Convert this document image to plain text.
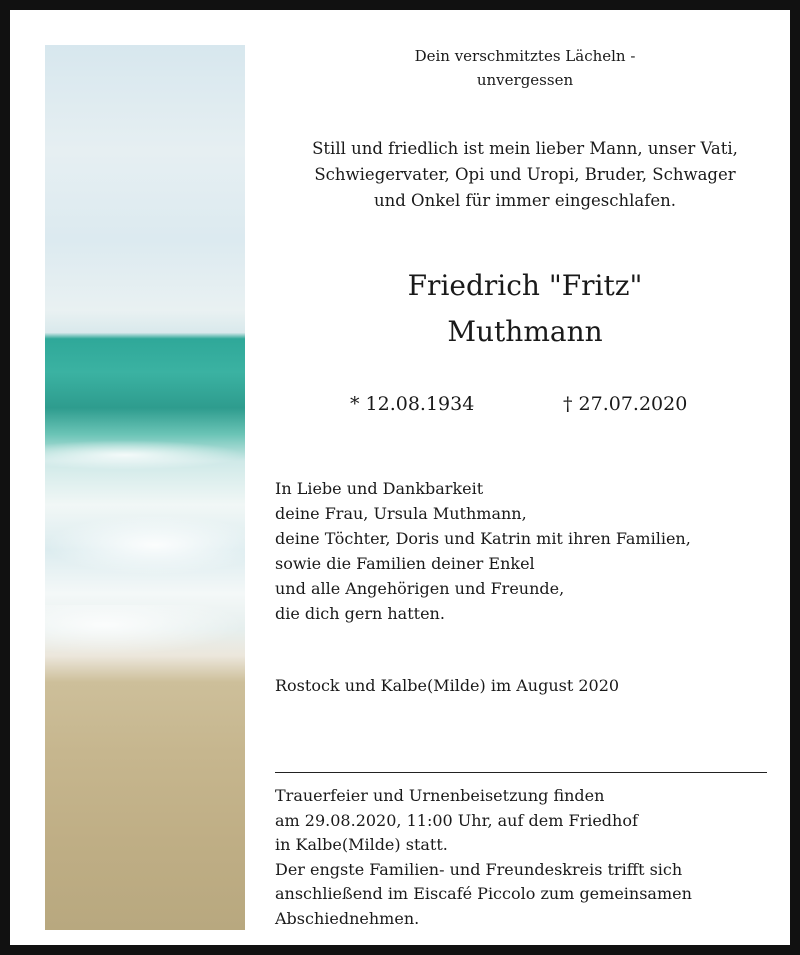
Dein verschmitztes Lächeln -
unvergessen
Still und friedlich ist mein lieber Mann, unser Vati,
Schwiegervater, Opi und Uropi, Bruder, Schwager
und Onkel für immer eingeschlafen.
Friedrich "Fritz"
Muthmann
* 12.08.1934	† 27.07.2020
In Liebe und Dankbarkeit
deine Frau, Ursula Muthmann,
deine Töchter, Doris und Katrin mit ihren Familien,
sowie die Familien deiner Enkel
und alle Angehörigen und Freunde,
die dich gern hatten.
Rostock und Kalbe(Milde) im August 2020
Trauerfeier und Urnenbeisetzung finden
am 29.08.2020, 11:00 Uhr, auf dem Friedhof
in Kalbe(Milde) statt.
Der engste Familien- und Freundeskreis trifft sich
anschließend im Eiscafé Piccolo zum gemeinsamen
Abschiednehmen.
